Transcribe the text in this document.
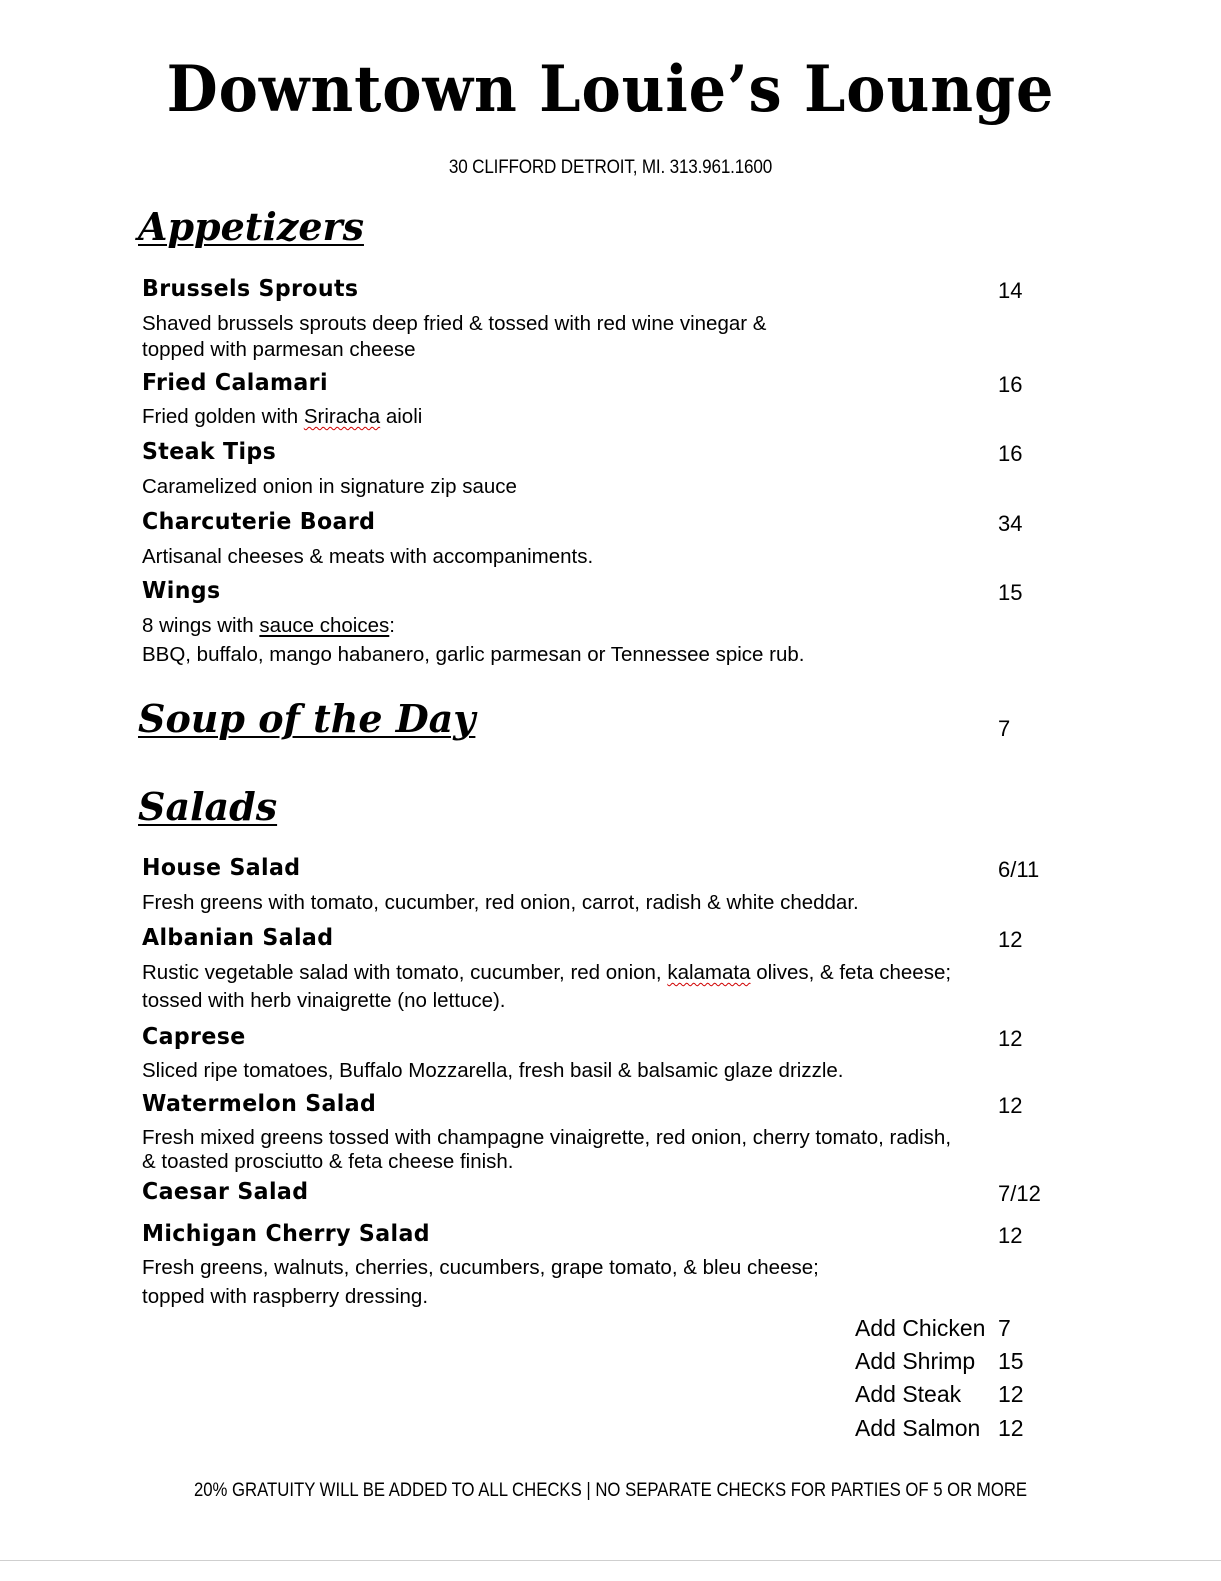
Downtown Louie’s Lounge
30 CLIFFORD DETROIT, MI. 313.961.1600
Appetizers
Brussels Sprouts	14
Shaved brussels sprouts deep fried & tossed with red wine vinegar &
topped with parmesan cheese
Fried Calamari	16
Fried golden with Sriracha aioli
Steak Tips	16
Caramelized onion in signature zip sauce
Charcuterie Board	34
Artisanal cheeses & meats with accompaniments.
Wings	15
8 wings with sauce choices:
BBQ, buffalo, mango habanero, garlic parmesan or Tennessee spice rub.
Soup of the Day	7
Salads
House Salad	6/11
Fresh greens with tomato, cucumber, red onion, carrot, radish & white cheddar.
Albanian Salad	12
Rustic vegetable salad with tomato, cucumber, red onion, kalamata olives, & feta cheese;
tossed with herb vinaigrette (no lettuce).
Caprese	12
Sliced ripe tomatoes, Buffalo Mozzarella, fresh basil & balsamic glaze drizzle.
Watermelon Salad	12
Fresh mixed greens tossed with champagne vinaigrette, red onion, cherry tomato, radish,
& toasted prosciutto & feta cheese finish.
Caesar Salad	7/12
Michigan Cherry Salad	12
Fresh greens, walnuts, cherries, cucumbers, grape tomato, & bleu cheese;
topped with raspberry dressing.
Add Chicken 7
Add Shrimp 15
Add Steak 12
Add Salmon 12
20% GRATUITY WILL BE ADDED TO ALL CHECKS | NO SEPARATE CHECKS FOR PARTIES OF 5 OR MORE
